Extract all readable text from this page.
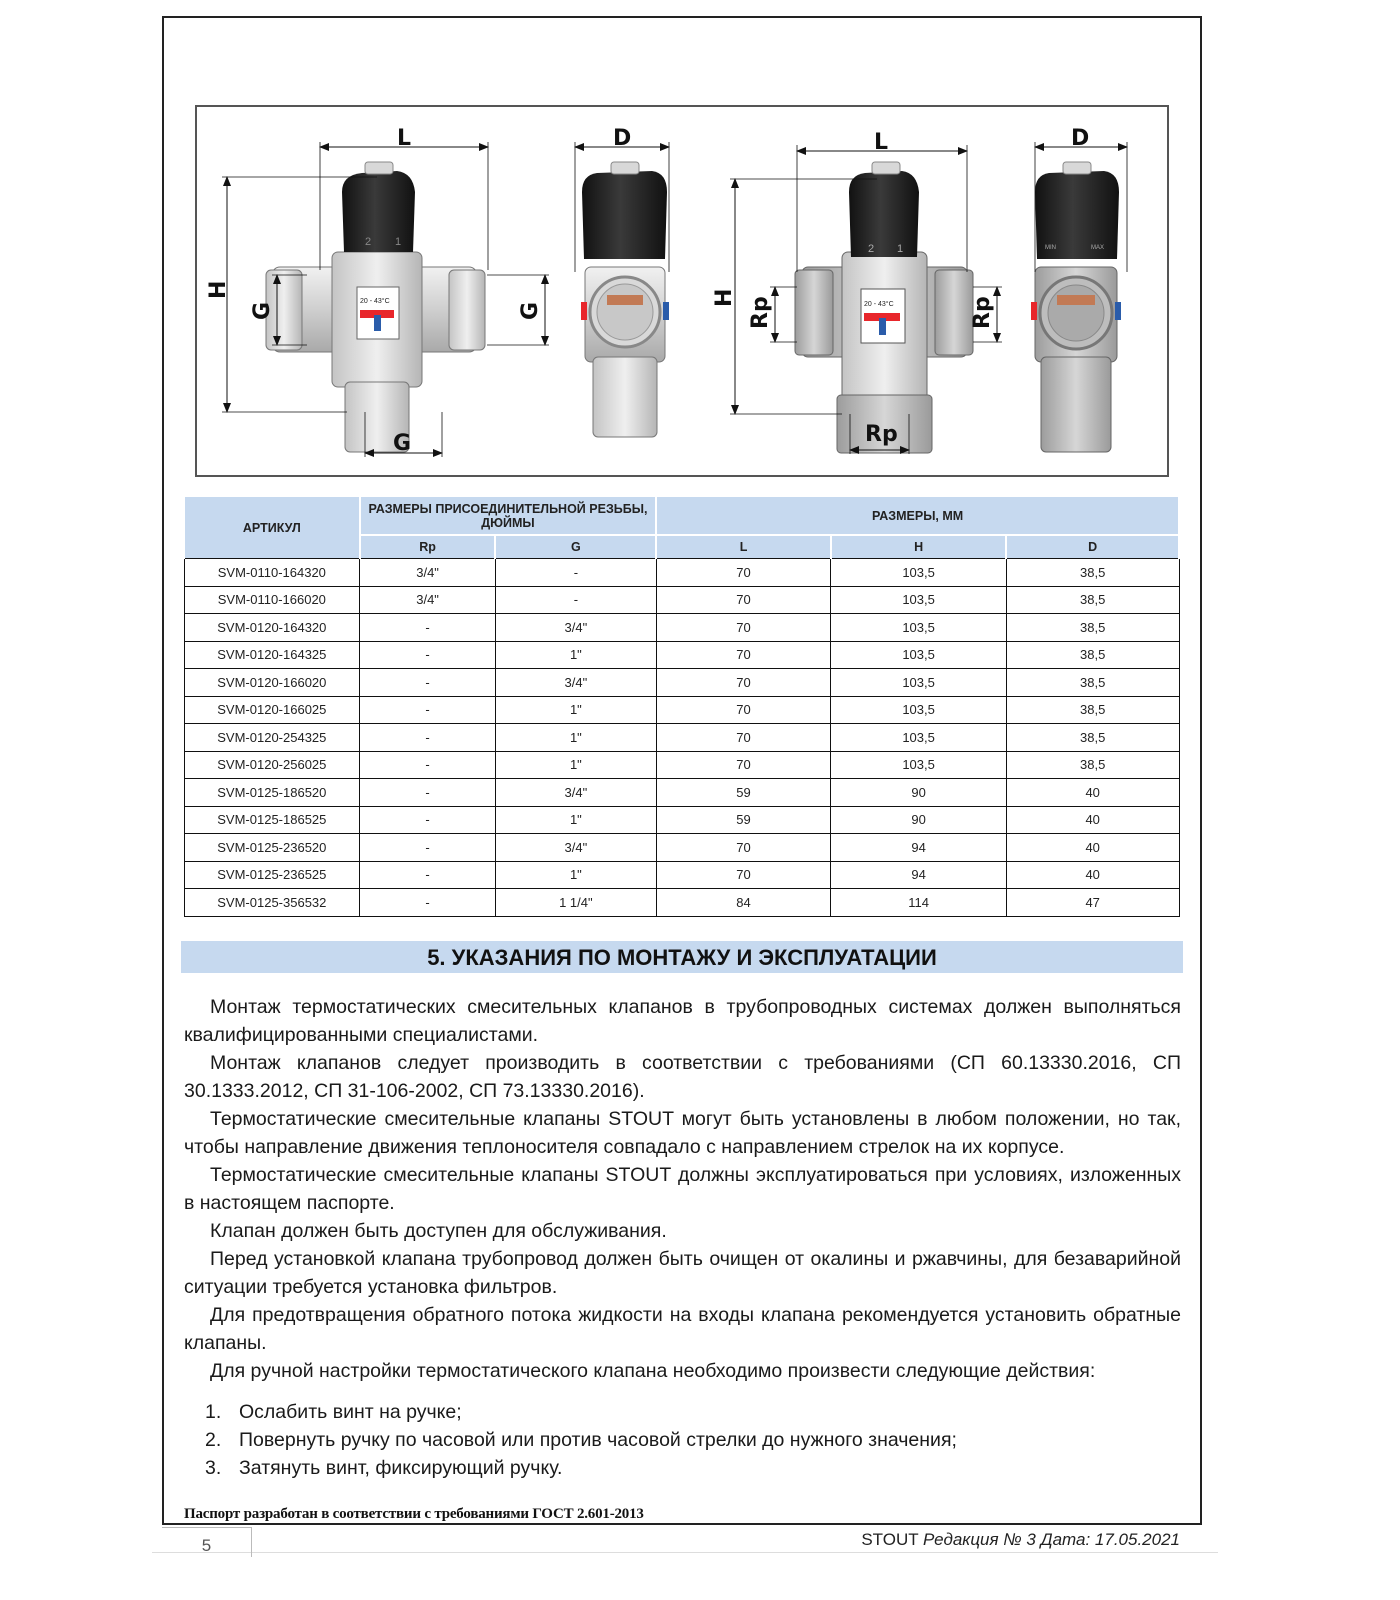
2 1
20 - 43°C
L
H
G	G
G
D
2 1
20 - 43°C
L
H Rp	Rp
Rp
MIN	MAX
D
АРТИКУЛ	РАЗМЕРЫ ПРИСОЕДИНИТЕЛЬНОЙ РЕЗЬБЫ, ДЮЙМЫ		РАЗМЕРЫ, ММ		
	Rp	G	L	H	D
SVM-0110-164320	3/4"	-	70	103,5	38,5
SVM-0110-166020	3/4"	-	70	103,5	38,5
SVM-0120-164320	-	3/4"	70	103,5	38,5
SVM-0120-164325	-	1"	70	103,5	38,5
SVM-0120-166020	-	3/4"	70	103,5	38,5
SVM-0120-166025	-	1"	70	103,5	38,5
SVM-0120-254325	-	1"	70	103,5	38,5
SVM-0120-256025	-	1"	70	103,5	38,5
SVM-0125-186520	-	3/4"	59	90	40
SVM-0125-186525	-	1"	59	90	40
SVM-0125-236520	-	3/4"	70	94	40
SVM-0125-236525	-	1"	70	94	40
SVM-0125-356532	-	1 1/4"	84	114	47
5. УКАЗАНИЯ ПО МОНТАЖУ И ЭКСПЛУАТАЦИИ

Монтаж термостатических смесительных клапанов в трубопроводных системах должен выполняться квалифицированными специалистами.

Монтаж клапанов следует производить в соответствии с требованиями (СП 60.13330.2016, СП 30.1333.2012, СП 31-106-2002, СП 73.13330.2016).

Термостатические смесительные клапаны STOUT могут быть установлены в любом положении, но так, чтобы направление движения теплоносителя совпадало с направлением стрелок на их корпусе.

Термостатические смесительные клапаны STOUT должны эксплуатироваться при условиях, изложенных в настоящем паспорте.

Клапан должен быть доступен для обслуживания.

Перед установкой клапана трубопровод должен быть очищен от окалины и ржавчины, для безаварийной ситуации требуется установка фильтров.

Для предотвращения обратного потока жидкости на входы клапана рекомендуется установить обратные клапаны.

Для ручной настройки термостатического клапана необходимо произвести следующие действия:

1. Ослабить винт на ручке;
2. Повернуть ручку по часовой или против часовой стрелки до нужного значения;
3. Затянуть винт, фиксирующий ручку.
Паспорт разработан в соответствии с требованиями ГОСТ 2.601-2013
5	STOUT Редакция № 3 Дата: 17.05.2021
